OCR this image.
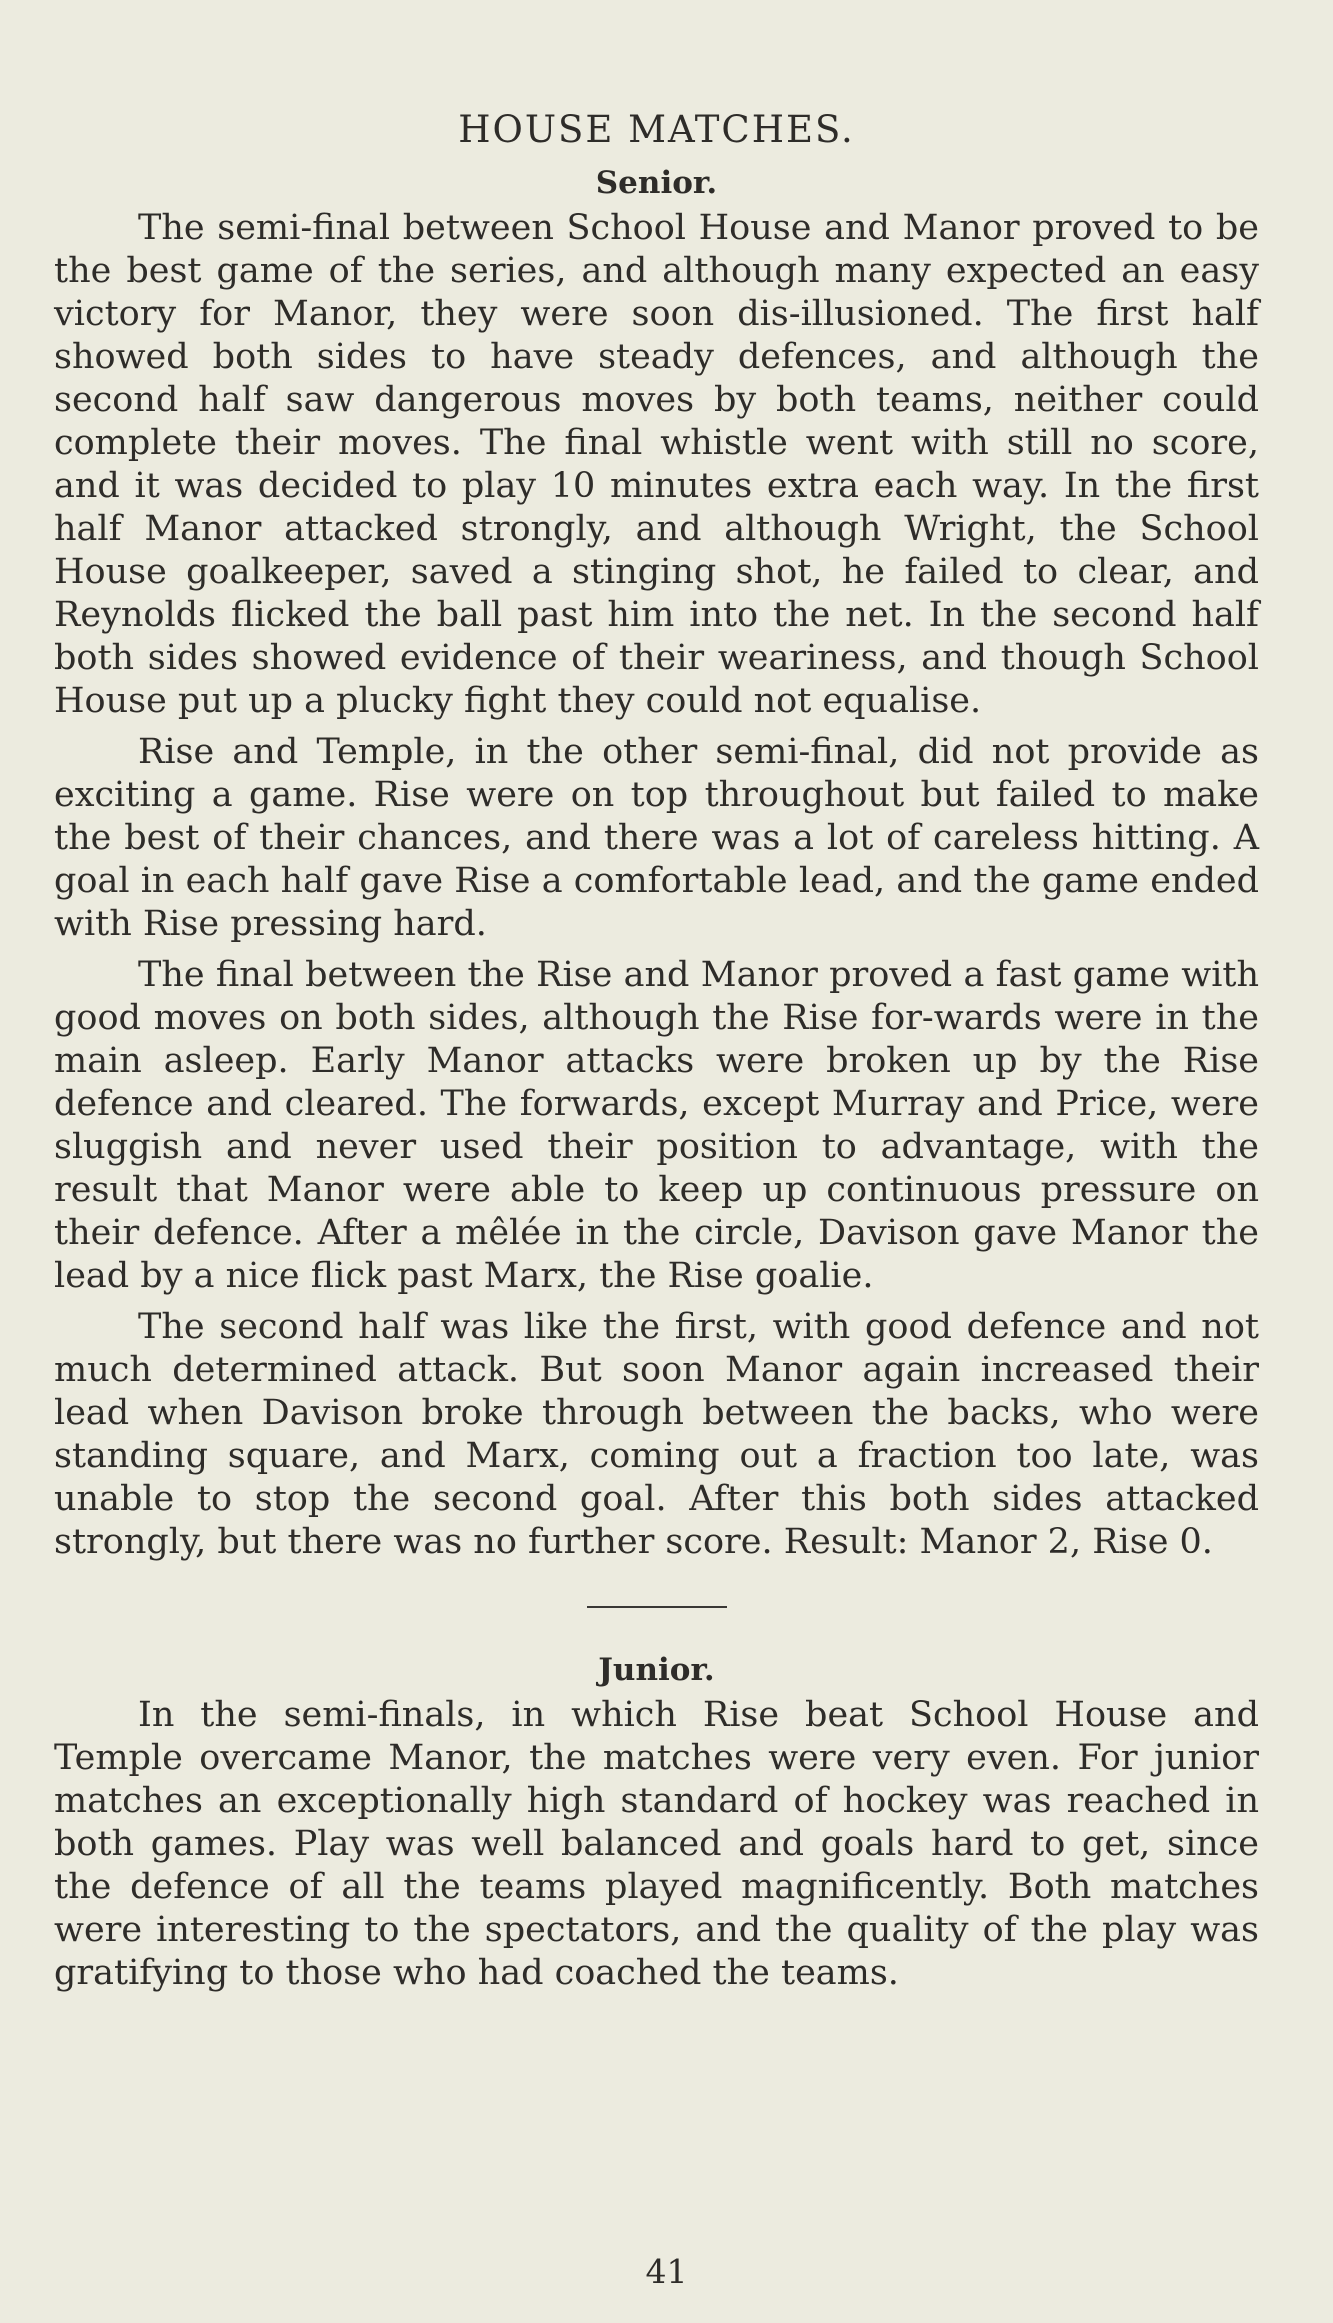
HOUSE MATCHES.
Senior.

The semi-final between School House and Manor proved to be the best game of the series, and although many expected an easy victory for Manor, they were soon dis-illusioned. The first half showed both sides to have steady defences, and although the second half saw dangerous moves by both teams, neither could complete their moves. The final whistle went with still no score, and it was decided to play 10 minutes extra each way. In the first half Manor attacked strongly, and although Wright, the School House goalkeeper, saved a stinging shot, he failed to clear, and Reynolds flicked the ball past him into the net. In the second half both sides showed evidence of their weariness, and though School House put up a plucky fight they could not equalise.

Rise and Temple, in the other semi-final, did not provide as exciting a game. Rise were on top throughout but failed to make the best of their chances, and there was a lot of careless hitting. A goal in each half gave Rise a comfortable lead, and the game ended with Rise pressing hard.

The final between the Rise and Manor proved a fast game with good moves on both sides, although the Rise for-wards were in the main asleep. Early Manor attacks were broken up by the Rise defence and cleared. The forwards, except Murray and Price, were sluggish and never used their position to advantage, with the result that Manor were able to keep up continuous pressure on their defence. After a mêlée in the circle, Davison gave Manor the lead by a nice flick past Marx, the Rise goalie.

The second half was like the first, with good defence and not much determined attack. But soon Manor again increased their lead when Davison broke through between the backs, who were standing square, and Marx, coming out a fraction too late, was unable to stop the second goal. After this both sides attacked strongly, but there was no further score. Result: Manor 2, Rise 0.

Junior.

In the semi-finals, in which Rise beat School House and Temple overcame Manor, the matches were very even. For junior matches an exceptionally high standard of hockey was reached in both games. Play was well balanced and goals hard to get, since the defence of all the teams played magnificently. Both matches were interesting to the spectators, and the quality of the play was gratifying to those who had coached the teams.

41
